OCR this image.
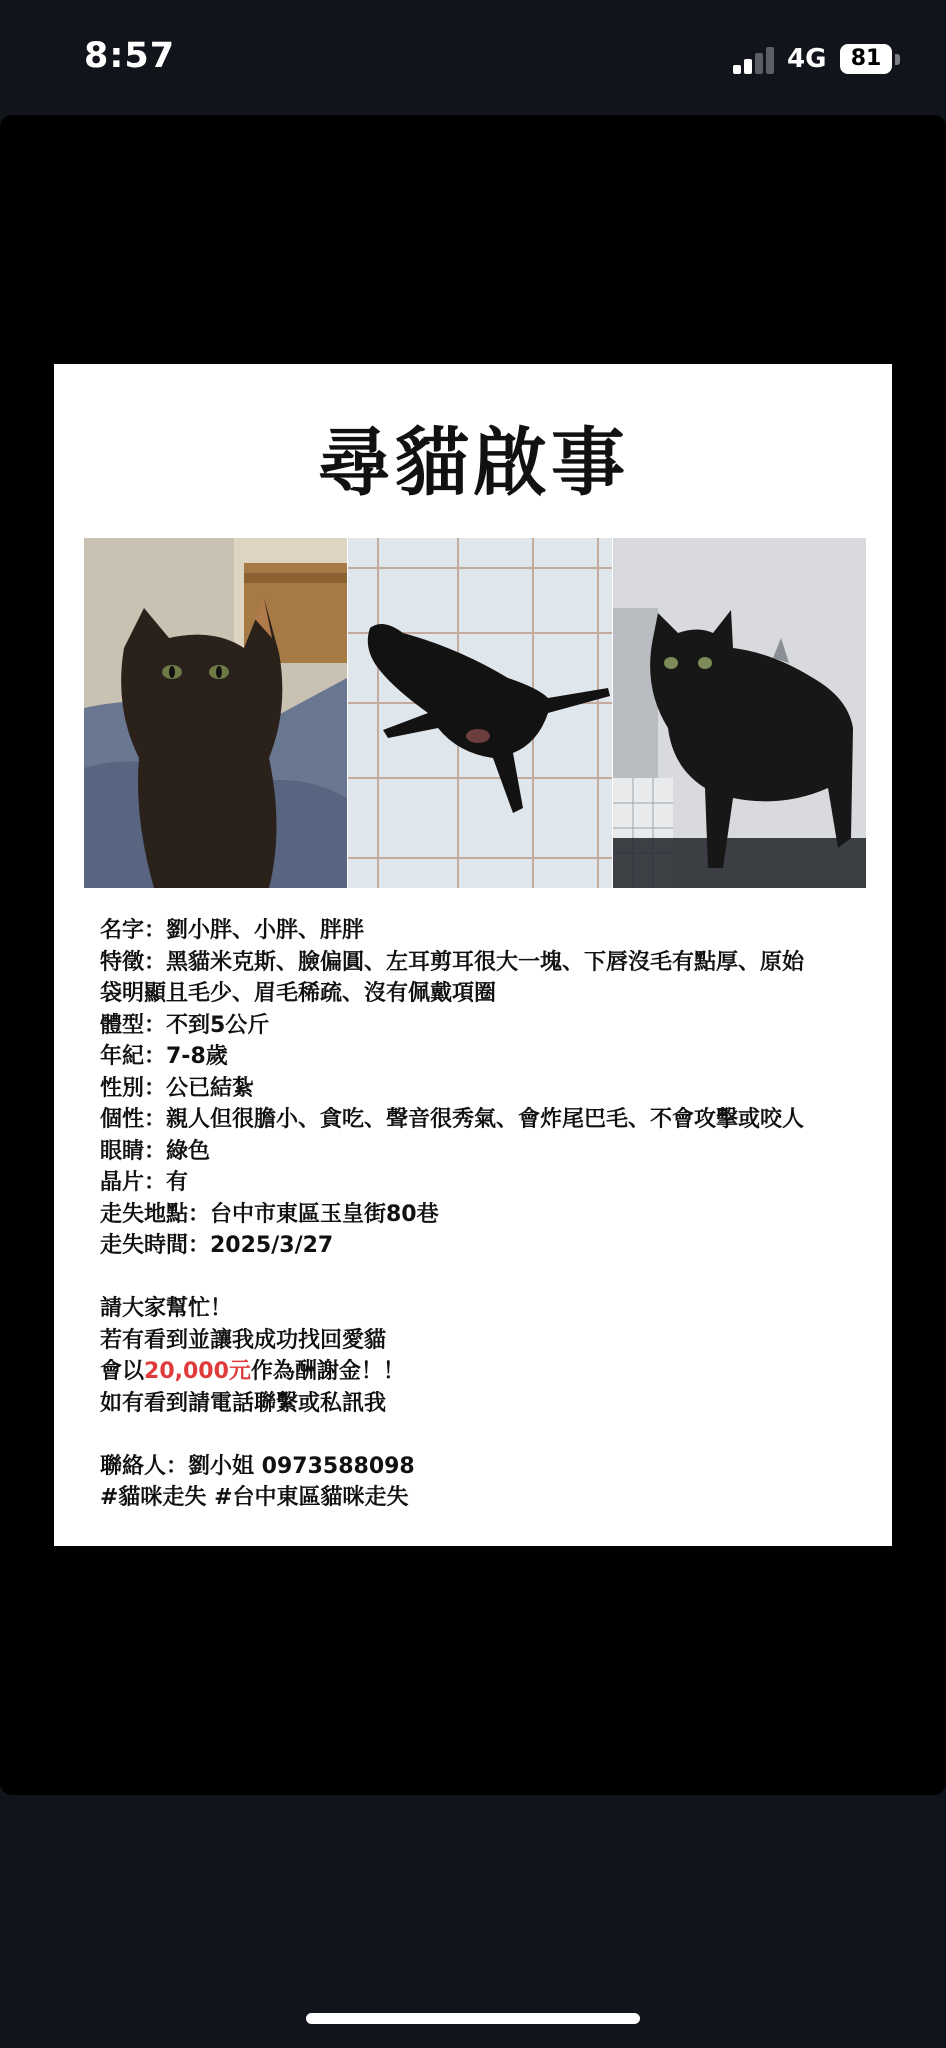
8:57	4G	81
尋貓啟事
名字：劉小胖、小胖、胖胖
特徵：黑貓米克斯、臉偏圓、左耳剪耳很大一塊、下唇沒毛有點厚、原始
袋明顯且毛少、眉毛稀疏、沒有佩戴項圈
體型：不到5公斤
年紀：7-8歲
性別：公已結紮
個性：親人但很膽小、貪吃、聲音很秀氣、會炸尾巴毛、不會攻擊或咬人
眼睛：綠色
晶片：有
走失地點：台中市東區玉皇街80巷
走失時間：2025/3/27
請大家幫忙！
若有看到並讓我成功找回愛貓
會以20,000元作為酬謝金！！
如有看到請電話聯繫或私訊我
聯絡人：劉小姐 0973588098
#貓咪走失 #台中東區貓咪走失
